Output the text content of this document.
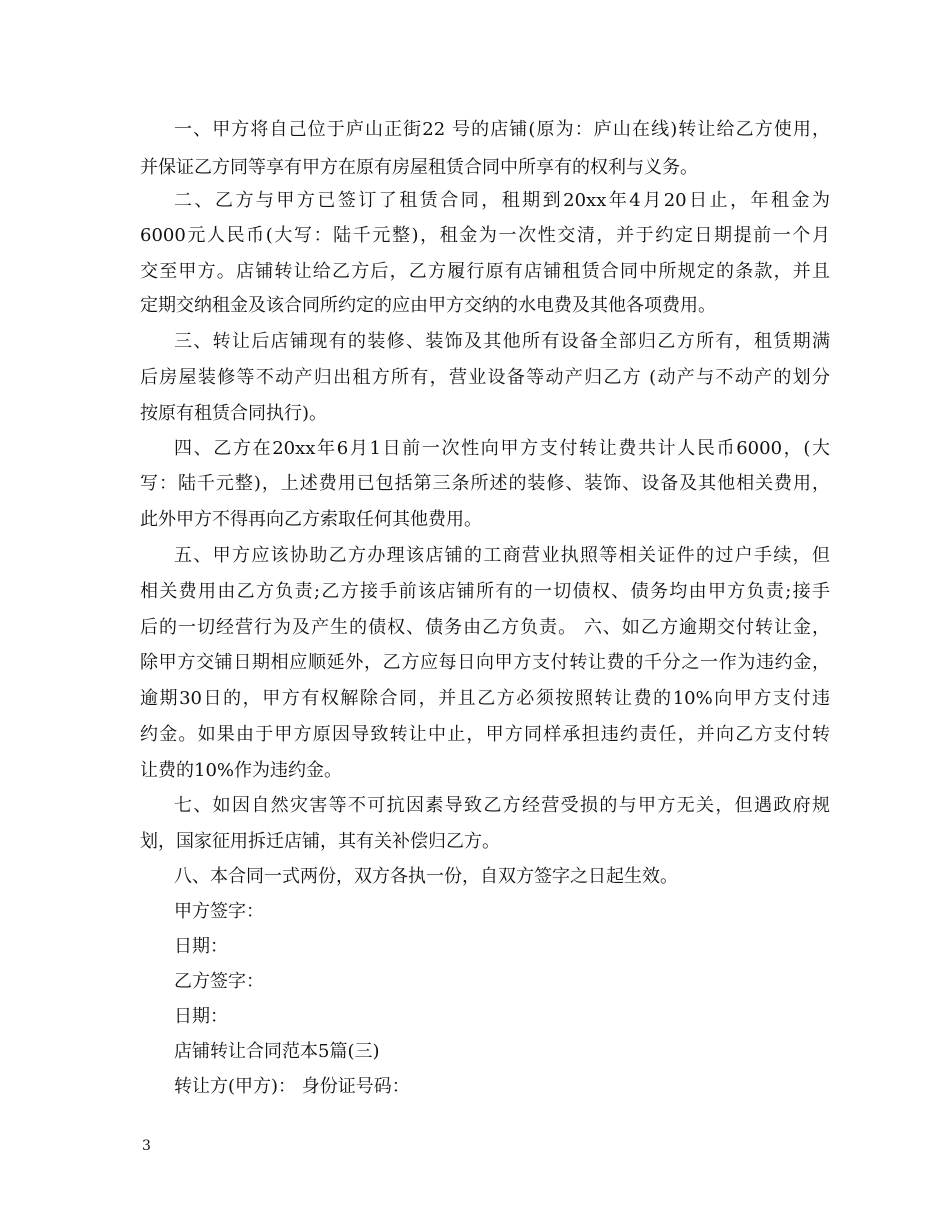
一、甲方将自己位于庐山正街22 号的店铺(原为：庐山在线)转让给乙方使用，
并保证乙方同等享有甲方在原有房屋租赁合同中所享有的权利与义务。
二、乙方与甲方已签订了租赁合同，租期到20xx年4月20日止，年租金为
6000元人民币(大写：陆千元整)，租金为一次性交清，并于约定日期提前一个月
交至甲方。店铺转让给乙方后，乙方履行原有店铺租赁合同中所规定的条款，并且
定期交纳租金及该合同所约定的应由甲方交纳的水电费及其他各项费用。
三、转让后店铺现有的装修、装饰及其他所有设备全部归乙方所有，租赁期满
后房屋装修等不动产归出租方所有，营业设备等动产归乙方 (动产与不动产的划分
按原有租赁合同执行)。
四、乙方在20xx年6月1日前一次性向甲方支付转让费共计人民币6000，(大
写：陆千元整)，上述费用已包括第三条所述的装修、装饰、设备及其他相关费用，
此外甲方不得再向乙方索取任何其他费用。
五、甲方应该协助乙方办理该店铺的工商营业执照等相关证件的过户手续，但
相关费用由乙方负责;乙方接手前该店铺所有的一切债权、债务均由甲方负责;接手
后的一切经营行为及产生的债权、债务由乙方负责。 六、如乙方逾期交付转让金，
除甲方交铺日期相应顺延外，乙方应每日向甲方支付转让费的千分之一作为违约金，
逾期30日的，甲方有权解除合同，并且乙方必须按照转让费的10%向甲方支付违
约金。如果由于甲方原因导致转让中止，甲方同样承担违约责任，并向乙方支付转
让费的10%作为违约金。
七、如因自然灾害等不可抗因素导致乙方经营受损的与甲方无关，但遇政府规
划，国家征用拆迁店铺，其有关补偿归乙方。
八、本合同一式两份，双方各执一份，自双方签字之日起生效。
甲方签字：
日期：
乙方签字：
日期：
店铺转让合同范本5篇(三)
转让方(甲方)： 身份证号码：
3
